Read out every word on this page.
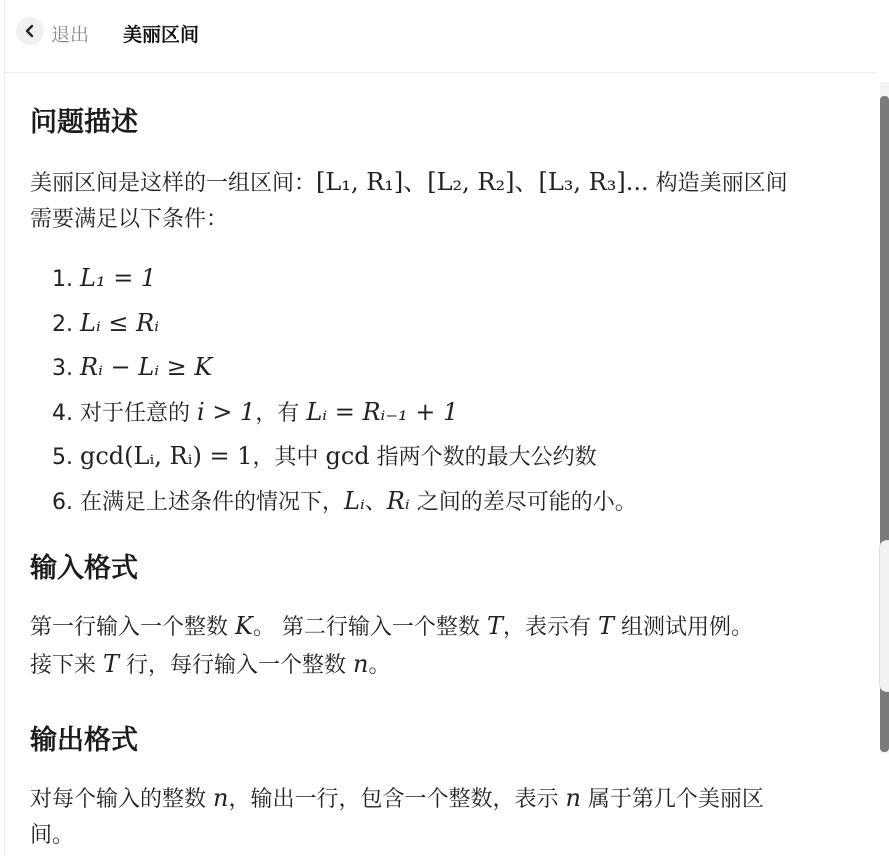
退出 美丽区间
问题描述
美丽区间是这样的一组区间：[L₁, R₁]、[L₂, R₂]、[L₃, R₃]... 构造美丽区间
需要满足以下条件：
1. L₁ = 1
2. Lᵢ ≤ Rᵢ
3. Rᵢ − Lᵢ ≥ K
4. 对于任意的 i > 1，有 Lᵢ = Rᵢ₋₁ + 1
5. gcd(Lᵢ, Rᵢ) = 1，其中 gcd 指两个数的最大公约数
6. 在满足上述条件的情况下，Lᵢ、Rᵢ 之间的差尽可能的小。
输入格式
第一行输入一个整数 K。 第二行输入一个整数 T，表示有 T 组测试用例。
接下来 T 行，每行输入一个整数 n。
输出格式
对每个输入的整数 n，输出一行，包含一个整数，表示 n 属于第几个美丽区
间。
